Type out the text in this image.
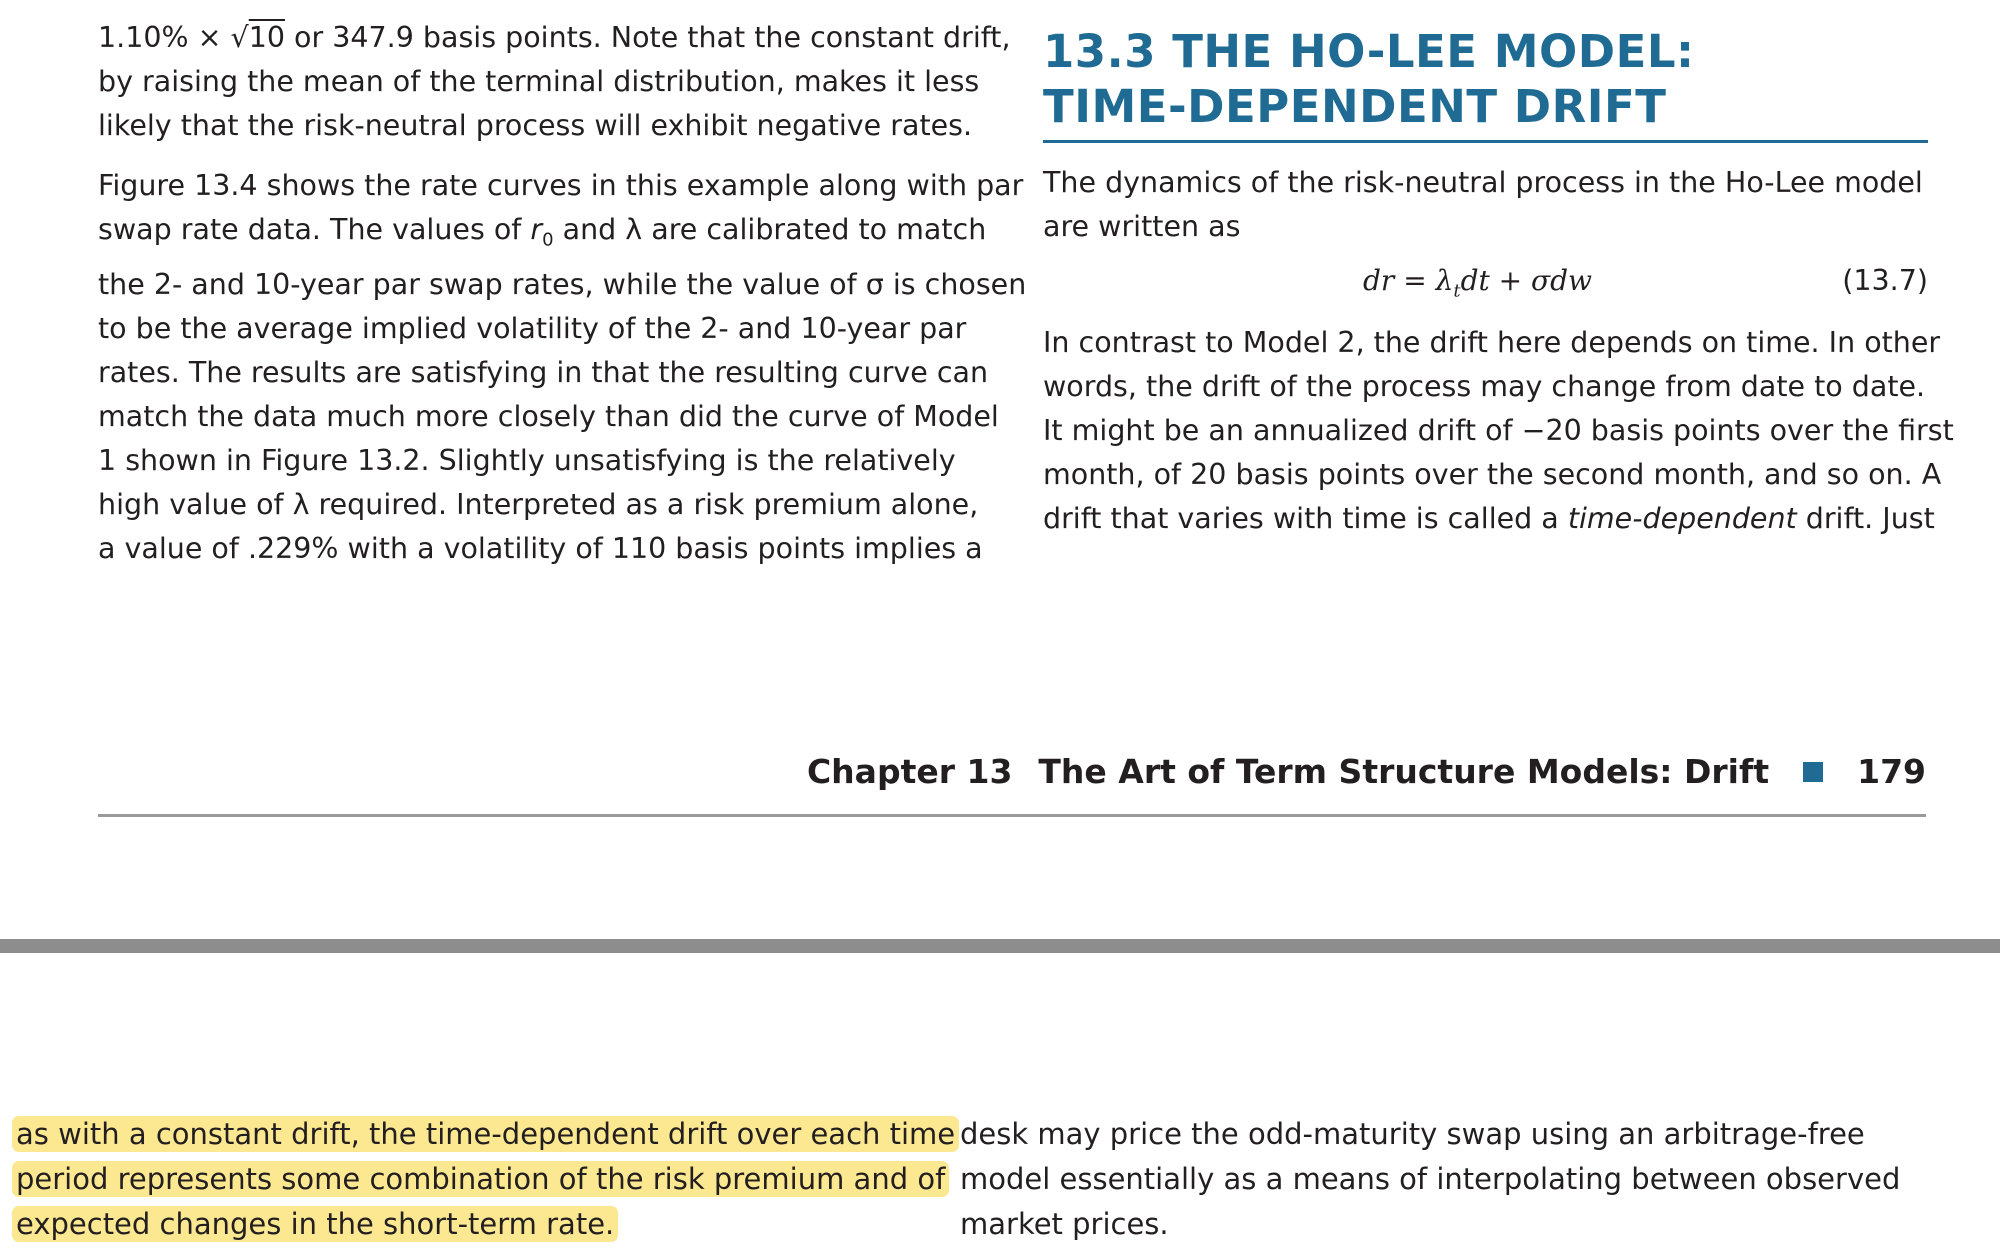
1.10% × √10 or 347.9 basis points. Note that the constant drift,
by raising the mean of the terminal distribution, makes it less
likely that the risk-neutral process will exhibit negative rates.
Figure 13.4 shows the rate curves in this example along with par
swap rate data. The values of $r_0$ and λ are calibrated to match
the 2- and 10-year par swap rates, while the value of σ is chosen
to be the average implied volatility of the 2- and 10-year par
rates. The results are satisfying in that the resulting curve can
match the data much more closely than did the curve of Model
1 shown in Figure 13.2. Slightly unsatisfying is the relatively
high value of λ required. Interpreted as a risk premium alone,
a value of .229% with a volatility of 110 basis points implies a
13.3 THE HO-LEE MODEL:
TIME-DEPENDENT DRIFT
The dynamics of the risk-neutral process in the Ho-Lee model
are written as
dr = $\lambda_tdt + \sigma dw$	(13.7)
In contrast to Model 2, the drift here depends on time. In other
words, the drift of the process may change from date to date.
It might be an annualized drift of −20 basis points over the first
month, of 20 basis points over the second month, and so on. A
drift that varies with time is called a time-dependent drift. Just
Chapter 13 The Art of Term Structure Models: Drift	179
as with a constant drift, the time-dependent drift over each time
period represents some combination of the risk premium and of
expected changes in the short-term rate.
desk may price the odd-maturity swap using an arbitrage-free
model essentially as a means of interpolating between observed
market prices.
